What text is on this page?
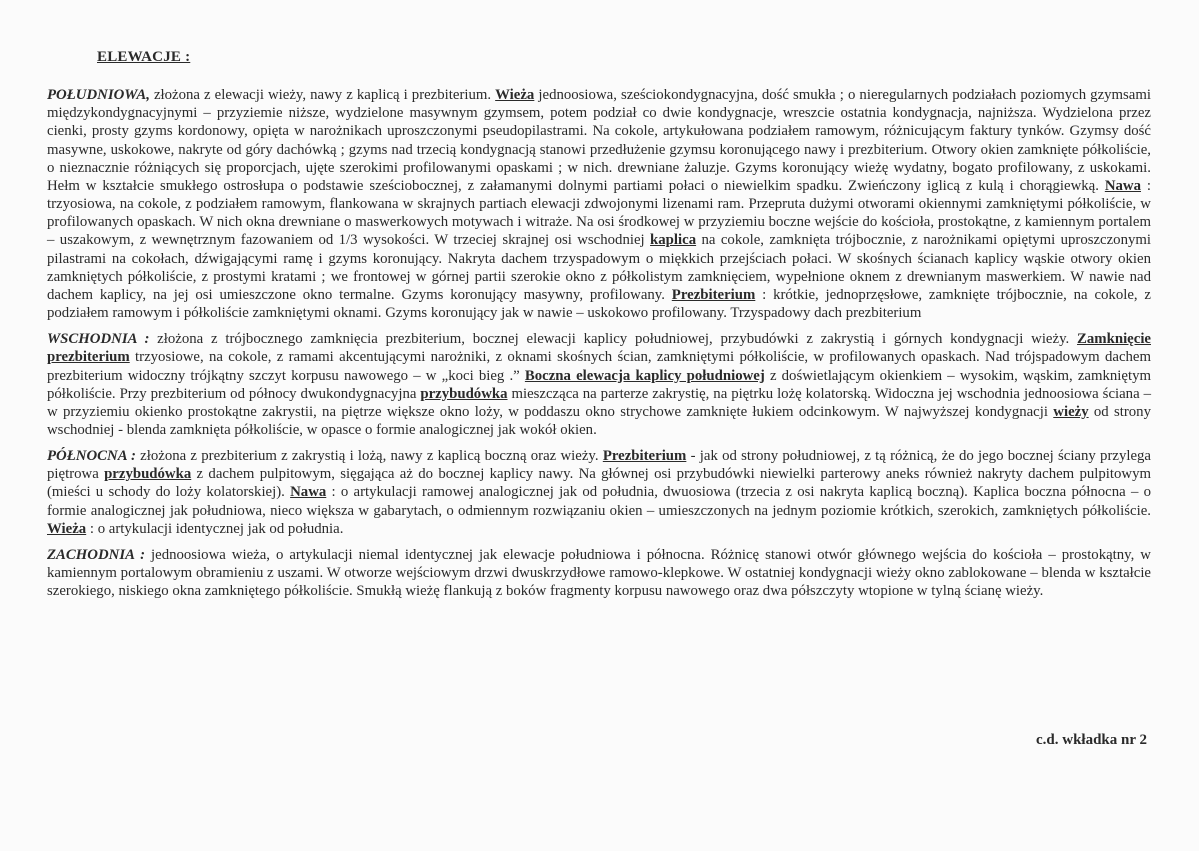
ELEWACJE :

POŁUDNIOWA, złożona z elewacji wieży, nawy z kaplicą i prezbiterium. Wieża jednoosiowa, sześciokondygnacyjna, dość smukła ; o nieregularnych podziałach poziomych gzymsami międzykondygnacyjnymi – przyziemie niższe, wydzielone masywnym gzymsem, potem podział co dwie kondygnacje, wreszcie ostatnia kondygnacja, najniższa. Wydzielona przez cienki, prosty gzyms kordonowy, opięta w narożnikach uproszczonymi pseudopilastrami. Na cokole, artykułowana podziałem ramowym, różnicującym faktury tynków. Gzymsy dość masywne, uskokowe, nakryte od góry dachówką ; gzyms nad trzecią kondygnacją stanowi przedłużenie gzymsu koronującego nawy i prezbiterium. Otwory okien zamknięte półkoliście, o nieznacznie różniących się proporcjach, ujęte szerokimi profilowanymi opaskami ; w nich. drewniane żaluzje. Gzyms koronujący wieżę wydatny, bogato profilowany, z uskokami. Hełm w kształcie smukłego ostrosłupa o podstawie sześciobocznej, z załamanymi dolnymi partiami połaci o niewielkim spadku. Zwieńczony iglicą z kulą i chorągiewką. Nawa : trzyosiowa, na cokole, z podziałem ramowym, flankowana w skrajnych partiach elewacji zdwojonymi lizenami ram. Przepruta dużymi otworami okiennymi zamkniętymi półkoliście, w profilowanych opaskach. W nich okna drewniane o maswerkowych motywach i witraże. Na osi środkowej w przyziemiu boczne wejście do kościoła, prostokątne, z kamiennym portalem – uszakowym, z wewnętrznym fazowaniem od 1/3 wysokości. W trzeciej skrajnej osi wschodniej kaplica na cokole, zamknięta trójbocznie, z narożnikami opiętymi uproszczonymi pilastrami na cokołach, dźwigającymi ramę i gzyms koronujący. Nakryta dachem trzyspadowym o miękkich przejściach połaci. W skośnych ścianach kaplicy wąskie otwory okien zamkniętych półkoliście, z prostymi kratami ; we frontowej w górnej partii szerokie okno z półkolistym zamknięciem, wypełnione oknem z drewnianym maswerkiem. W nawie nad dachem kaplicy, na jej osi umieszczone okno termalne. Gzyms koronujący masywny, profilowany. Prezbiterium : krótkie, jednoprzęsłowe, zamknięte trójbocznie, na cokole, z podziałem ramowym i półkoliście zamkniętymi oknami. Gzyms koronujący jak w nawie – uskokowo profilowany. Trzyspadowy dach prezbiterium

WSCHODNIA : złożona z trójbocznego zamknięcia prezbiterium, bocznej elewacji kaplicy południowej, przybudówki z zakrystią i górnych kondygnacji wieży. Zamknięcie prezbiterium trzyosiowe, na cokole, z ramami akcentującymi narożniki, z oknami skośnych ścian, zamkniętymi półkoliście, w profilowanych opaskach. Nad trójspadowym dachem prezbiterium widoczny trójkątny szczyt korpusu nawowego – w „koci bieg .” Boczna elewacja kaplicy południowej z doświetlającym okienkiem – wysokim, wąskim, zamkniętym półkoliście. Przy prezbiterium od północy dwukondygnacyjna przybudówka mieszcząca na parterze zakrystię, na piętrku lożę kolatorską. Widoczna jej wschodnia jednoosiowa ściana – w przyziemiu okienko prostokątne zakrystii, na piętrze większe okno loży, w poddaszu okno strychowe zamknięte łukiem odcinkowym. W najwyższej kondygnacji wieży od strony wschodniej - blenda zamknięta półkoliście, w opasce o formie analogicznej jak wokół okien.

PÓŁNOCNA : złożona z prezbiterium z zakrystią i lożą, nawy z kaplicą boczną oraz wieży. Prezbiterium - jak od strony południowej, z tą różnicą, że do jego bocznej ściany przylega piętrowa przybudówka z dachem pulpitowym, sięgająca aż do bocznej kaplicy nawy. Na głównej osi przybudówki niewielki parterowy aneks również nakryty dachem pulpitowym (mieści u schody do loży kolatorskiej). Nawa : o artykulacji ramowej analogicznej jak od południa, dwuosiowa (trzecia z osi nakryta kaplicą boczną). Kaplica boczna północna – o formie analogicznej jak południowa, nieco większa w gabarytach, o odmiennym rozwiązaniu okien – umieszczonych na jednym poziomie krótkich, szerokich, zamkniętych półkoliście. Wieża : o artykulacji identycznej jak od południa.

ZACHODNIA : jednoosiowa wieża, o artykulacji niemal identycznej jak elewacje południowa i północna. Różnicę stanowi otwór głównego wejścia do kościoła – prostokątny, w kamiennym portalowym obramieniu z uszami. W otworze wejściowym drzwi dwuskrzydłowe ramowo-klepkowe. W ostatniej kondygnacji wieży okno zablokowane – blenda w kształcie szerokiego, niskiego okna zamkniętego półkoliście. Smukłą wieżę flankują z boków fragmenty korpusu nawowego oraz dwa półszczyty wtopione w tylną ścianę wieży.

c.d. wkładka nr 2
